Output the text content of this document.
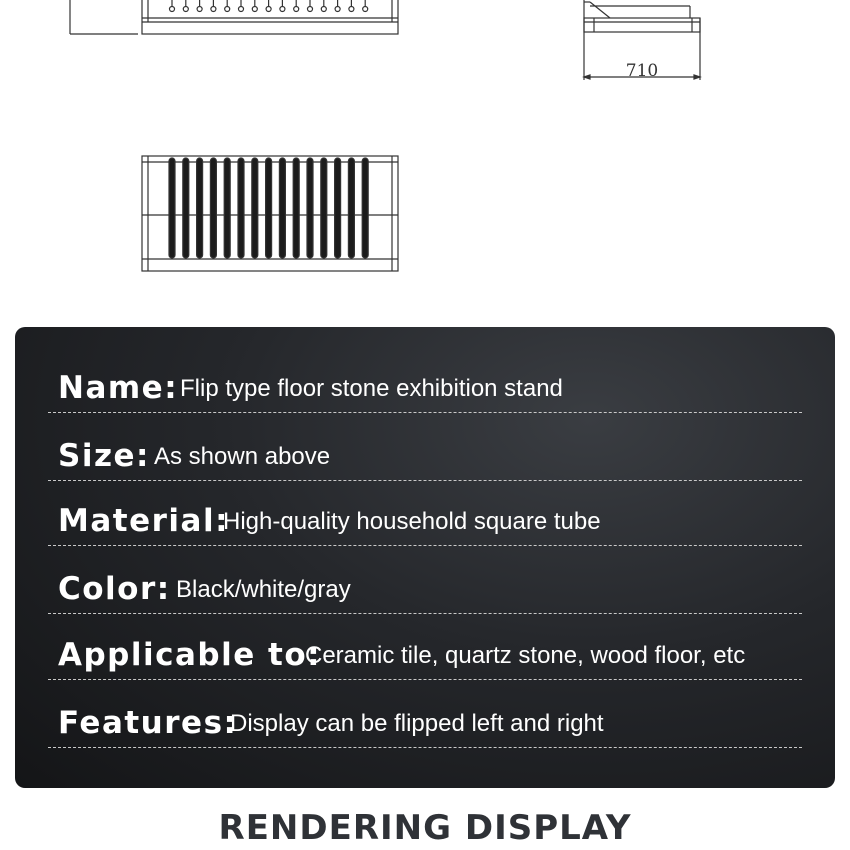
710
Name: Flip type floor stone exhibition stand
Size: As shown above
Material:
High-quality household square tube
Color: Black/white/gray
Applicable to:
Ceramic tile, quartz stone, wood floor, etc
Features:
Display can be flipped left and right
RENDERING DISPLAY
